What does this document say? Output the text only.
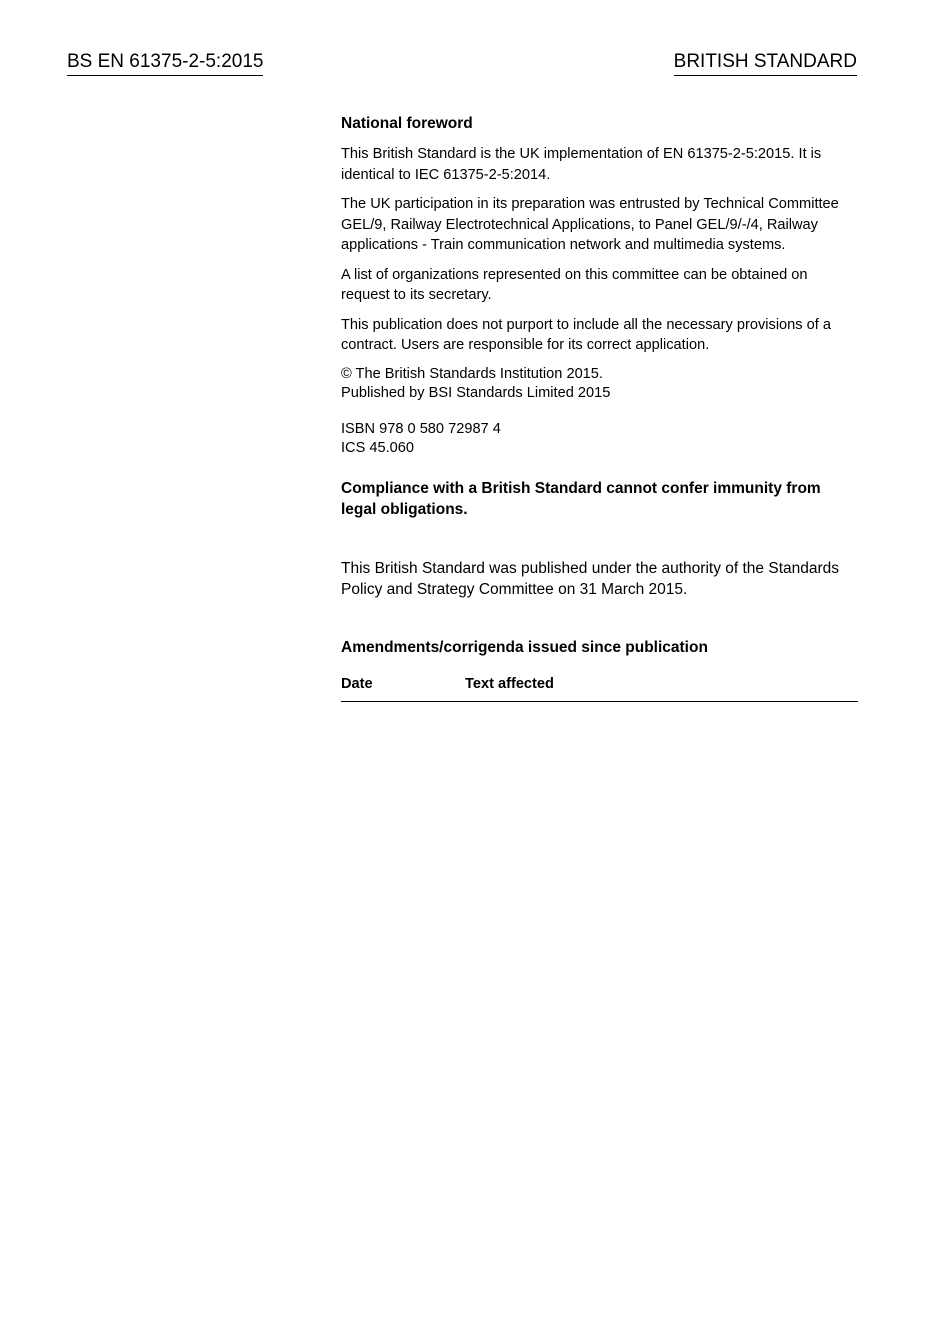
BS EN 61375-2-5:2015	BRITISH STANDARD
National foreword
This British Standard is the UK implementation of EN 61375-2-5:2015. It is identical to IEC 61375-2-5:2014.
The UK participation in its preparation was entrusted by Technical Committee GEL/9, Railway Electrotechnical Applications, to Panel GEL/9/-/4, Railway applications - Train communication network and multimedia systems.
A list of organizations represented on this committee can be obtained on request to its secretary.
This publication does not purport to include all the necessary provisions of a contract. Users are responsible for its correct application.
© The British Standards Institution 2015.
Published by BSI Standards Limited 2015
ISBN 978 0 580 72987 4
ICS 45.060
Compliance with a British Standard cannot confer immunity from legal obligations.
This British Standard was published under the authority of the Standards Policy and Strategy Committee on 31 March 2015.
Amendments/corrigenda issued since publication
Date	Text affected
